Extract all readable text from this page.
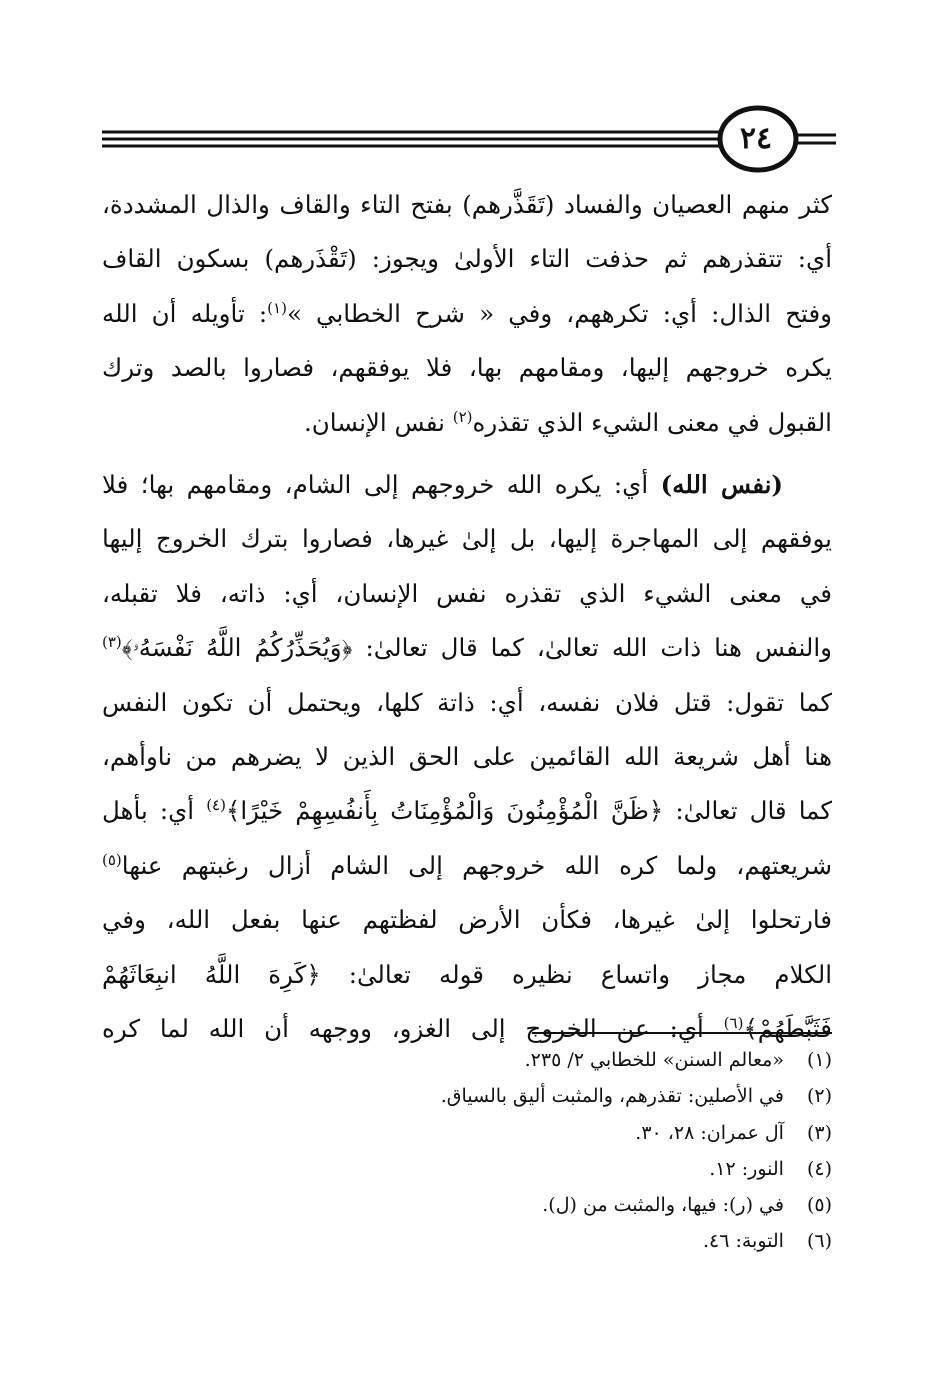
٢٤

كثر منهم العصيان والفساد (تَقَذَّرهم) بفتح التاء والقاف والذال المشددة،
أي: تتقذرهم ثم حذفت التاء الأولىٰ ويجوز: (تَقْذَرهم) بسكون القاف
وفتح الذال: أي: تكرههم، وفي « شرح الخطابي »$^{(١)}$: تأويله أن الله
يكره خروجهم إليها، ومقامهم بها، فلا يوفقهم، فصاروا بالصد وترك
القبول في معنى الشيء الذي تقذره$^{(٢)}$ نفس الإنسان.

  (نفس الله) أي: يكره الله خروجهم إلى الشام، ومقامهم بها؛ فلا
يوفقهم إلى المهاجرة إليها، بل إلىٰ غيرها، فصاروا بترك الخروج إليها
في معنى الشيء الذي تقذره نفس الإنسان، أي: ذاته، فلا تقبله،
والنفس هنا ذات الله تعالىٰ، كما قال تعالىٰ: ﴿وَيُحَذِّرُكُمُ اللَّهُ نَفْسَهُۥ﴾$^{(٣)}$
كما تقول: قتل فلان نفسه، أي: ذاتة كلها، ويحتمل أن تكون النفس
هنا أهل شريعة الله القائمين على الحق الذين لا يضرهم من ناوأهم،
كما قال تعالىٰ: ﴿ظَنَّ الْمُؤْمِنُونَ وَالْمُؤْمِنَاتُ بِأَنفُسِهِمْ خَيْرًا﴾$^{(٤)}$ أي: بأهل
شريعتهم، ولما كره الله خروجهم إلى الشام أزال رغبتهم عنها$^{(٥)}$
فارتحلوا إلىٰ غيرها، فكأن الأرض لفظتهم عنها بفعل الله، وفي
الكلام مجاز واتساع نظيره قوله تعالىٰ: ﴿كَرِهَ اللَّهُ انبِعَاثَهُمْ
فَثَبَّطَهُمْ﴾$^{(٦)}$ أي: عن الخروج إلى الغزو، ووجهه أن الله لما كره

(١) «معالم السنن» للخطابي ٢/ ٢٣٥.
(٢) في الأصلين: تقذرهم، والمثبت أليق بالسياق.
(٣) آل عمران: ٢٨، ٣٠.
(٤) النور: ١٢.
(٥) في (ر): فيها، والمثبت من (ل).
(٦) التوبة: ٤٦.
